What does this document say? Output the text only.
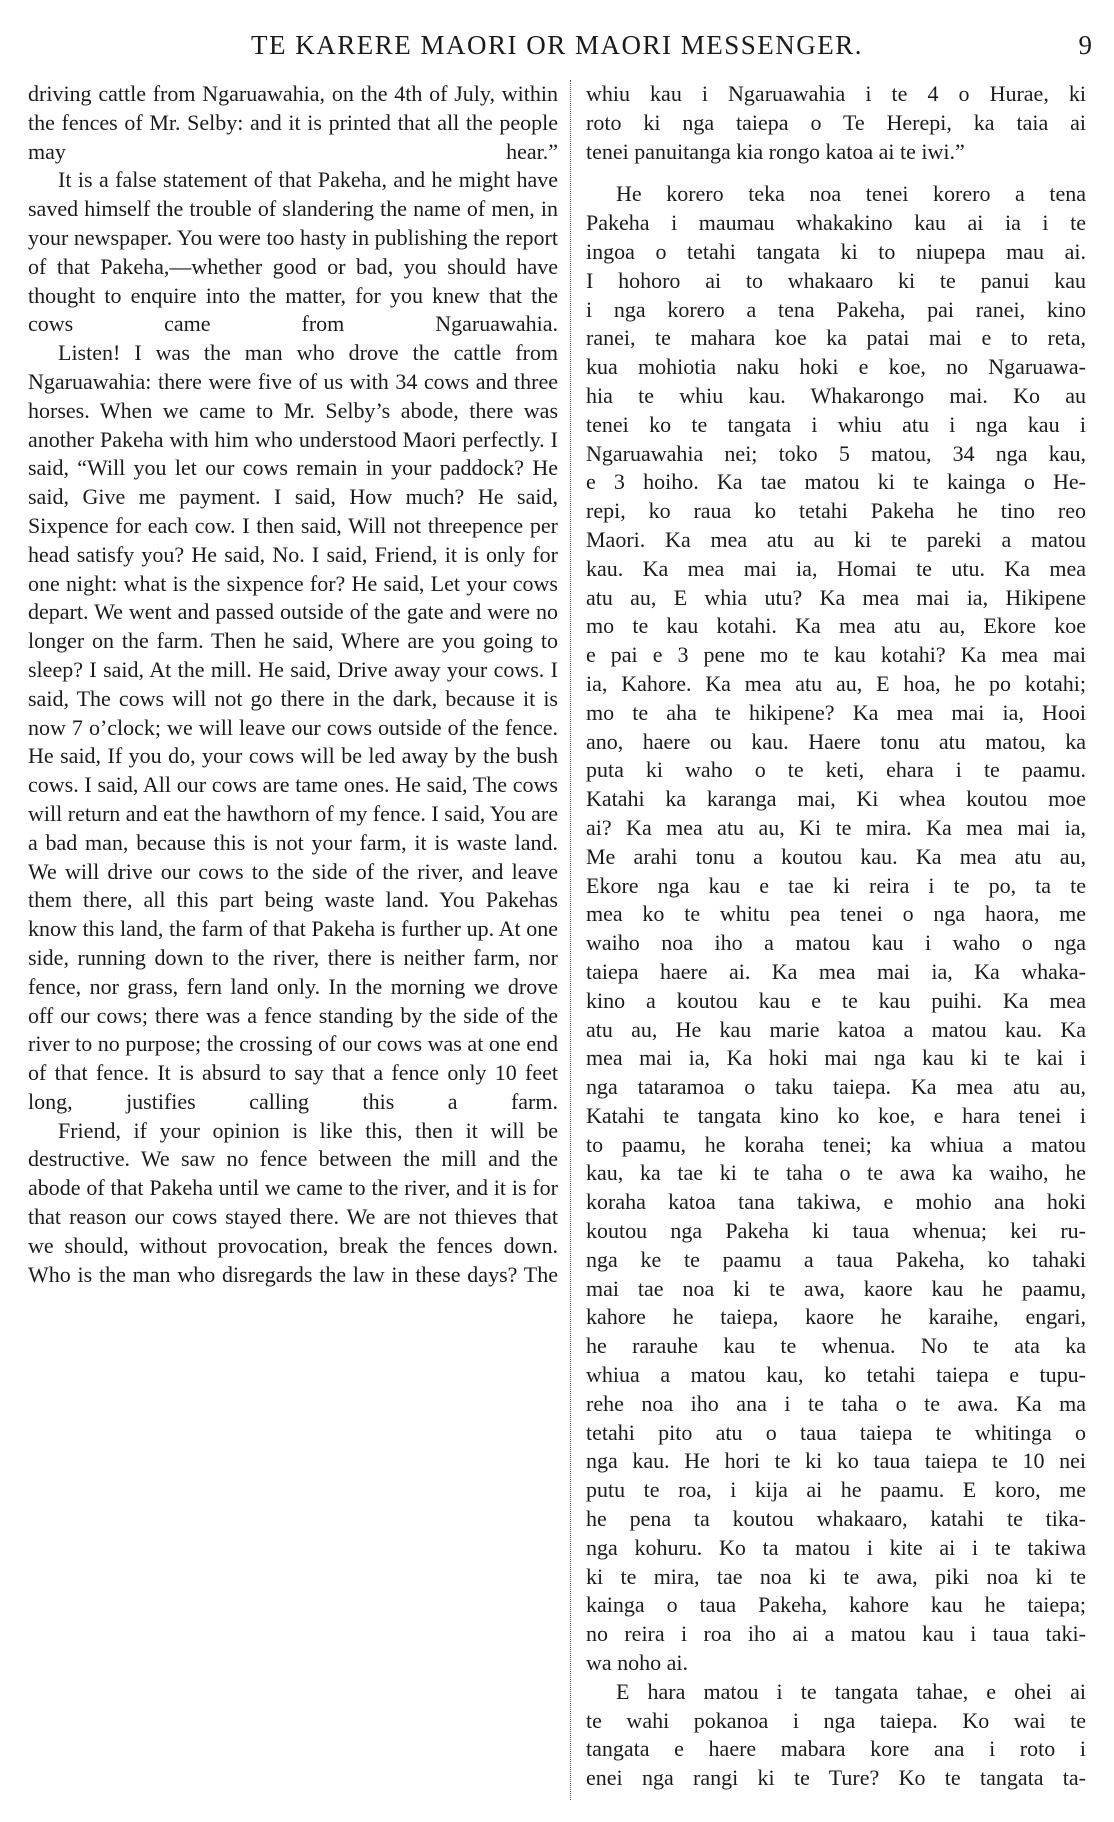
TE KARERE MAORI OR MAORI MESSENGER.	9

driving cattle from Ngaruawahia, on the 4th of July, within the fences of Mr. Selby: and it is printed that all the people may hear.”

It is a false statement of that Pakeha, and he might have saved himself the trouble of slandering the name of men, in your newspaper. You were too hasty in publishing the report of that Pakeha,—whether good or bad, you should have thought to enquire into the matter, for you knew that the cows came from Ngaruawahia.

Listen! I was the man who drove the cattle from Ngaruawahia: there were five of us with 34 cows and three horses. When we came to Mr. Selby’s abode, there was another Pakeha with him who understood Maori perfectly. I said, “Will you let our cows remain in your paddock? He said, Give me payment. I said, How much? He said, Sixpence for each cow. I then said, Will not threepence per head satisfy you? He said, No. I said, Friend, it is only for one night: what is the sixpence for? He said, Let your cows depart. We went and passed outside of the gate and were no longer on the farm. Then he said, Where are you going to sleep? I said, At the mill. He said, Drive away your cows. I said, The cows will not go there in the dark, because it is now 7 o’clock; we will leave our cows outside of the fence. He said, If you do, your cows will be led away by the bush cows. I said, All our cows are tame ones. He said, The cows will return and eat the hawthorn of my fence. I said, You are a bad man, because this is not your farm, it is waste land. We will drive our cows to the side of the river, and leave them there, all this part being waste land. You Pakehas know this land, the farm of that Pakeha is further up. At one side, running down to the river, there is neither farm, nor fence, nor grass, fern land only. In the morning we drove off our cows; there was a fence standing by the side of the river to no purpose; the crossing of our cows was at one end of that fence. It is absurd to say that a fence only 10 feet long, justifies calling this a farm.

Friend, if your opinion is like this, then it will be destructive. We saw no fence between the mill and the abode of that Pakeha until we came to the river, and it is for that reason our cows stayed there. We are not thieves that we should, without provocation, break the fences down. Who is the man who disregards the law in these days? The

whiu kau i Ngaruawahia i te 4 o Hurae, ki
roto ki nga taiepa o Te Herepi, ka taia ai
tenei panuitanga kia rongo katoa ai te iwi.”
He korero teka noa tenei korero a tena
Pakeha i maumau whakakino kau ai ia i te
ingoa o tetahi tangata ki to niupepa mau ai.
I hohoro ai to whakaaro ki te panui kau
i nga korero a tena Pakeha, pai ranei, kino
ranei, te mahara koe ka patai mai e to reta,
kua mohiotia naku hoki e koe, no Ngaruawa-
hia te whiu kau. Whakarongo mai. Ko au
tenei ko te tangata i whiu atu i nga kau i
Ngaruawahia nei; toko 5 matou, 34 nga kau,
e 3 hoiho. Ka tae matou ki te kainga o He-
repi, ko raua ko tetahi Pakeha he tino reo
Maori. Ka mea atu au ki te pareki a matou
kau. Ka mea mai ia, Homai te utu. Ka mea
atu au, E whia utu? Ka mea mai ia, Hikipene
mo te kau kotahi. Ka mea atu au, Ekore koe
e pai e 3 pene mo te kau kotahi? Ka mea mai
ia, Kahore. Ka mea atu au, E hoa, he po kotahi;
mo te aha te hikipene? Ka mea mai ia, Hooi
ano, haere ou kau. Haere tonu atu matou, ka
puta ki waho o te keti, ehara i te paamu.
Katahi ka karanga mai, Ki whea koutou moe
ai? Ka mea atu au, Ki te mira. Ka mea mai ia,
Me arahi tonu a koutou kau. Ka mea atu au,
Ekore nga kau e tae ki reira i te po, ta te
mea ko te whitu pea tenei o nga haora, me
waiho noa iho a matou kau i waho o nga
taiepa haere ai. Ka mea mai ia, Ka whaka-
kino a koutou kau e te kau puihi. Ka mea
atu au, He kau marie katoa a matou kau. Ka
mea mai ia, Ka hoki mai nga kau ki te kai i
nga tataramoa o taku taiepa. Ka mea atu au,
Katahi te tangata kino ko koe, e hara tenei i
to paamu, he koraha tenei; ka whiua a matou
kau, ka tae ki te taha o te awa ka waiho, he
koraha katoa tana takiwa, e mohio ana hoki
koutou nga Pakeha ki taua whenua; kei ru-
nga ke te paamu a taua Pakeha, ko tahaki
mai tae noa ki te awa, kaore kau he paamu,
kahore he taiepa, kaore he karaihe, engari,
he rarauhe kau te whenua. No te ata ka
whiua a matou kau, ko tetahi taiepa e tupu-
rehe noa iho ana i te taha o te awa. Ka ma
tetahi pito atu o taua taiepa te whitinga o
nga kau. He hori te ki ko taua taiepa te 10 nei
putu te roa, i kija ai he paamu. E koro, me
he pena ta koutou whakaaro, katahi te tika-
nga kohuru. Ko ta matou i kite ai i te takiwa
ki te mira, tae noa ki te awa, piki noa ki te
kainga o taua Pakeha, kahore kau he taiepa;
no reira i roa iho ai a matou kau i taua taki-
wa noho ai.
E hara matou i te tangata tahae, e ohei ai
te wahi pokanoa i nga taiepa. Ko wai te
tangata e haere mabara kore ana i roto i
enei nga rangi ki te Ture? Ko te tangata ta-
